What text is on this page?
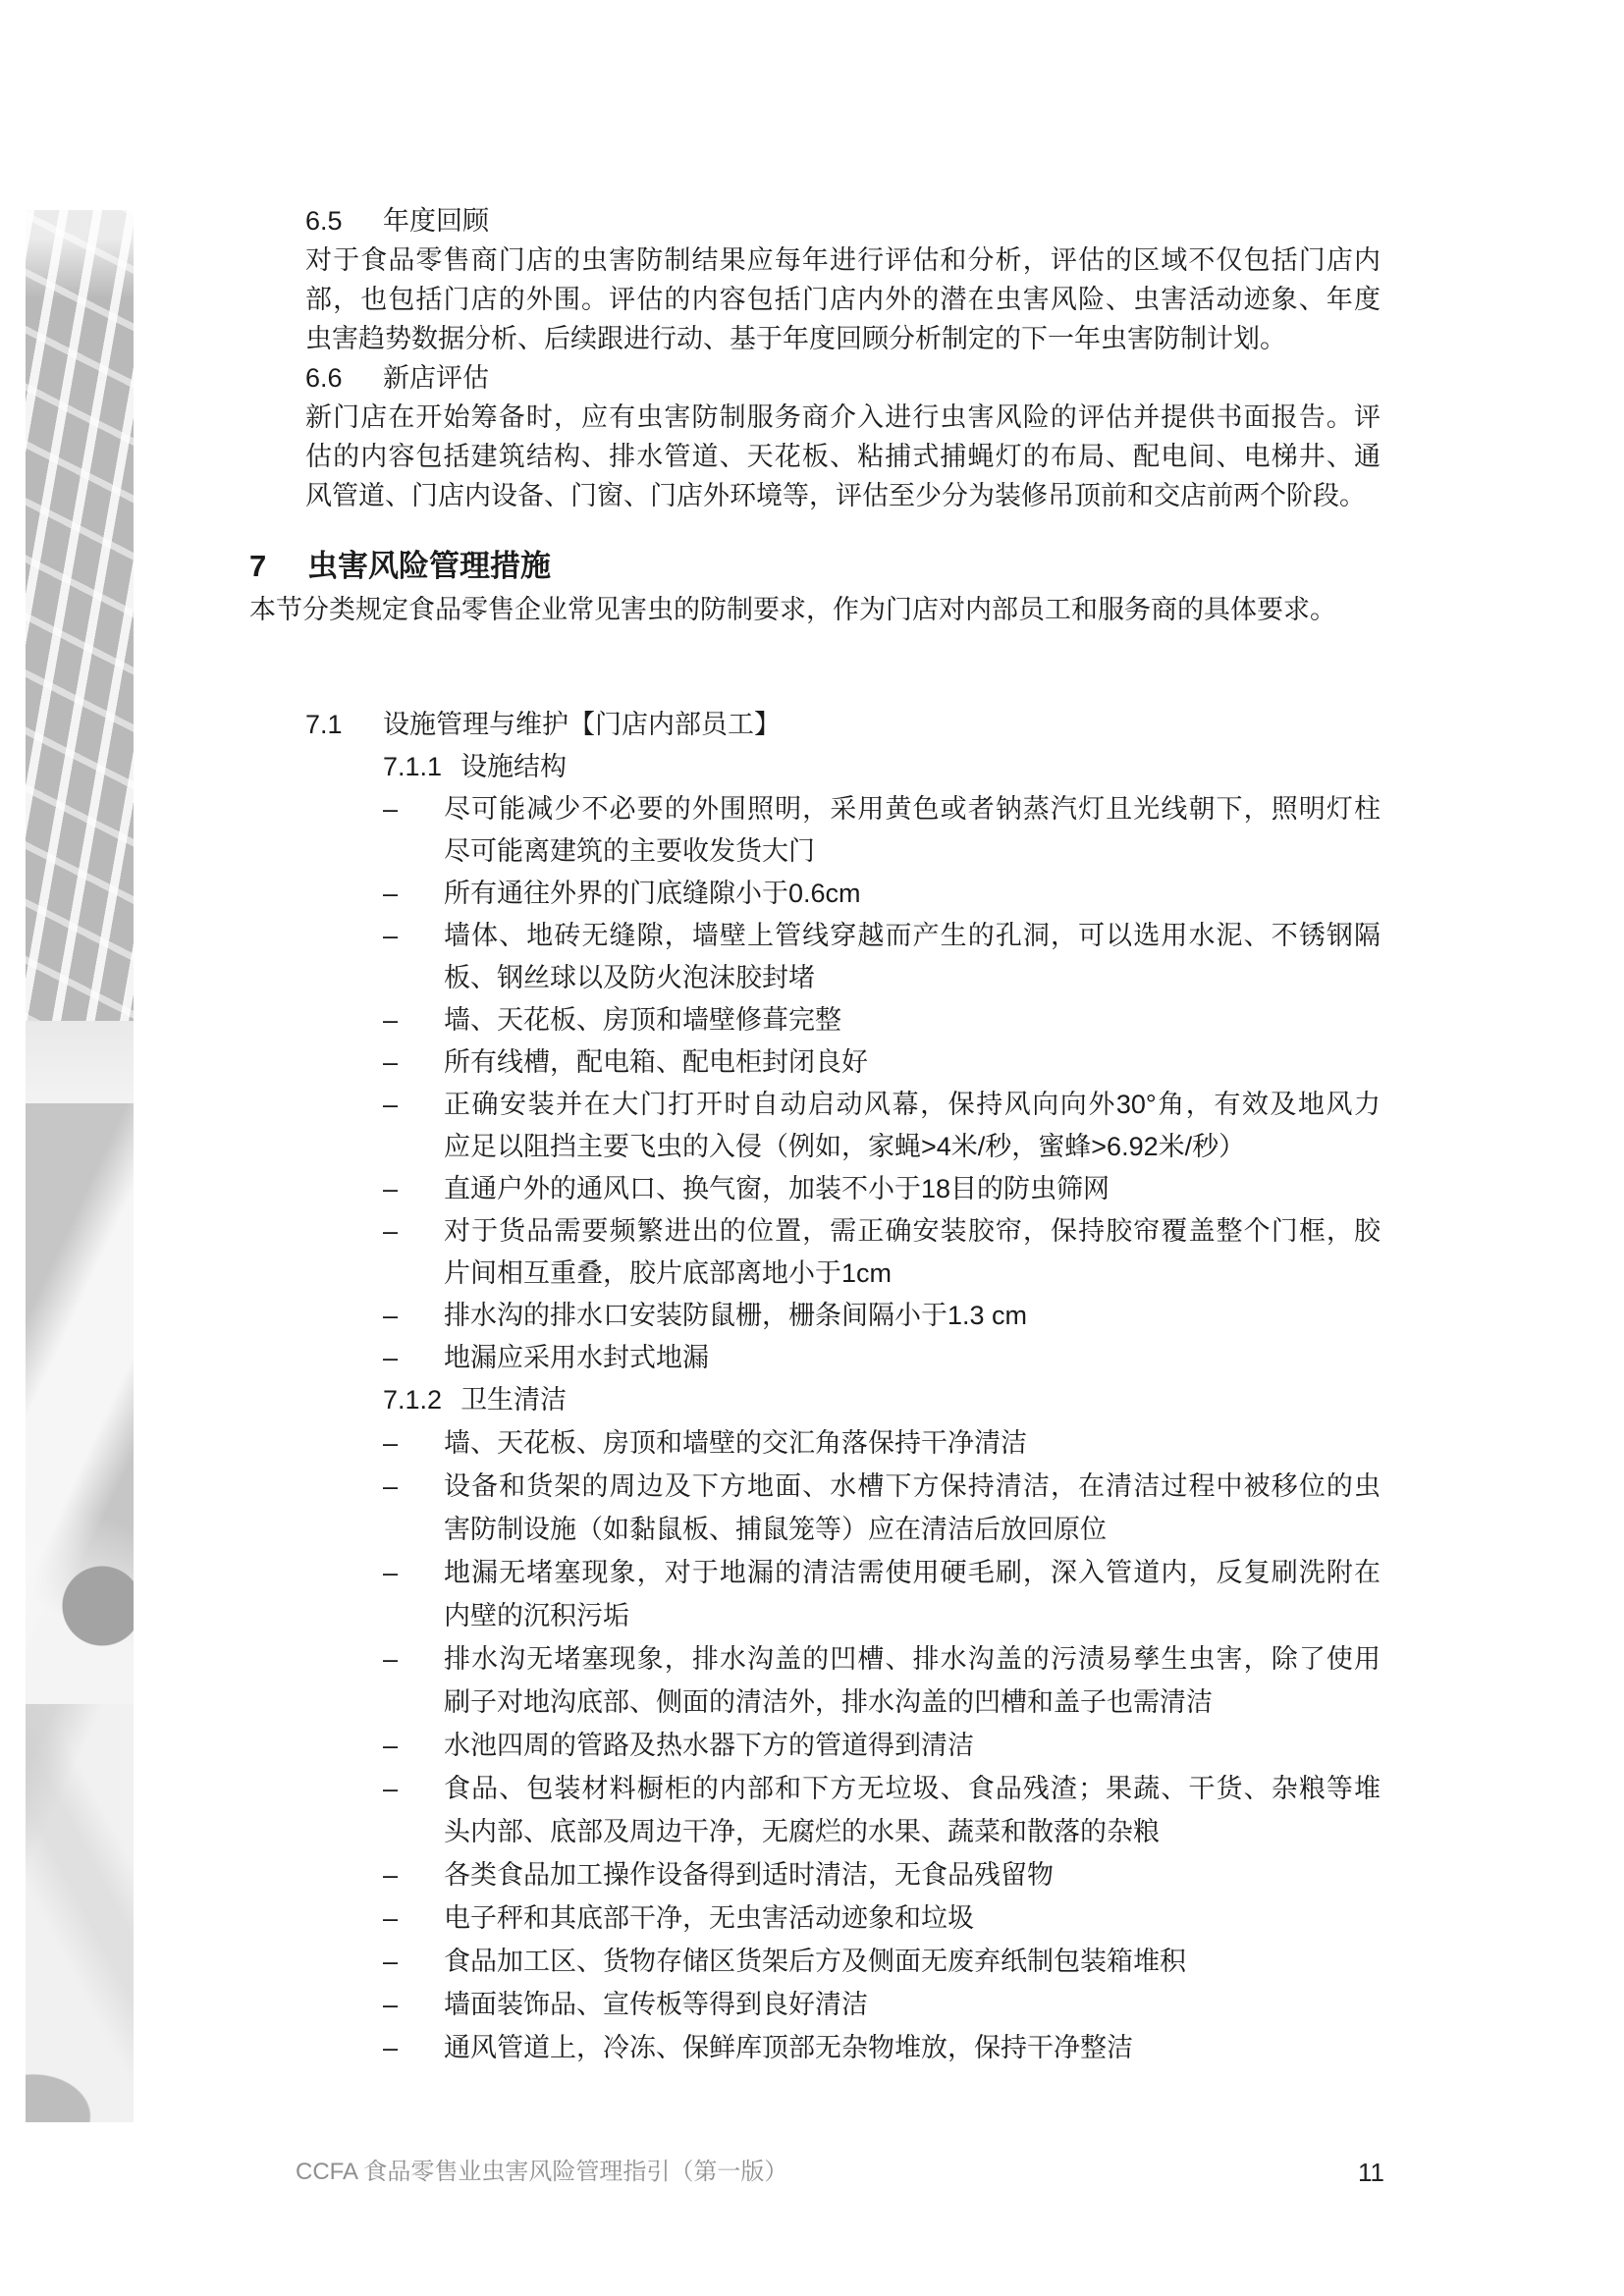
6.5	年度回顾
对于食品零售商门店的虫害防制结果应每年进行评估和分析，评估的区域不仅包括门店内
部，也包括门店的外围。评估的内容包括门店内外的潜在虫害风险、虫害活动迹象、年度
虫害趋势数据分析、后续跟进行动、基于年度回顾分析制定的下一年虫害防制计划。
6.6	新店评估
新门店在开始筹备时，应有虫害防制服务商介入进行虫害风险的评估并提供书面报告。评
估的内容包括建筑结构、排水管道、天花板、粘捕式捕蝇灯的布局、配电间、电梯井、通
风管道、门店内设备、门窗、门店外环境等，评估至少分为装修吊顶前和交店前两个阶段。
7	虫害风险管理措施
本节分类规定食品零售企业常见害虫的防制要求，作为门店对内部员工和服务商的具体要求。
7.1	设施管理与维护【门店内部员工】
7.1.1 设施结构
–	尽可能减少不必要的外围照明，采用黄色或者钠蒸汽灯且光线朝下，照明灯柱
尽可能离建筑的主要收发货大门
–	所有通往外界的门底缝隙小于0.6cm
–	墙体、地砖无缝隙，墙壁上管线穿越而产生的孔洞，可以选用水泥、不锈钢隔
板、钢丝球以及防火泡沫胶封堵
–	墙、天花板、房顶和墙壁修葺完整
–	所有线槽，配电箱、配电柜封闭良好
–	正确安装并在大门打开时自动启动风幕，保持风向向外30°角，有效及地风力
应足以阻挡主要飞虫的入侵（例如，家蝇>4米/秒，蜜蜂>6.92米/秒）
–	直通户外的通风口、换气窗，加装不小于18目的防虫筛网
–	对于货品需要频繁进出的位置，需正确安装胶帘，保持胶帘覆盖整个门框，胶
片间相互重叠，胶片底部离地小于1cm
–	排水沟的排水口安装防鼠栅，栅条间隔小于1.3 cm
–	地漏应采用水封式地漏
7.1.2 卫生清洁
–	墙、天花板、房顶和墙壁的交汇角落保持干净清洁
–	设备和货架的周边及下方地面、水槽下方保持清洁，在清洁过程中被移位的虫
害防制设施（如黏鼠板、捕鼠笼等）应在清洁后放回原位
–	地漏无堵塞现象，对于地漏的清洁需使用硬毛刷，深入管道内，反复刷洗附在
内壁的沉积污垢
–	排水沟无堵塞现象，排水沟盖的凹槽、排水沟盖的污渍易孳生虫害，除了使用
刷子对地沟底部、侧面的清洁外，排水沟盖的凹槽和盖子也需清洁
–	水池四周的管路及热水器下方的管道得到清洁
–	食品、包装材料橱柜的内部和下方无垃圾、食品残渣；果蔬、干货、杂粮等堆
头内部、底部及周边干净，无腐烂的水果、蔬菜和散落的杂粮
–	各类食品加工操作设备得到适时清洁，无食品残留物
–	电子秤和其底部干净，无虫害活动迹象和垃圾
–	食品加工区、货物存储区货架后方及侧面无废弃纸制包装箱堆积
–	墙面装饰品、宣传板等得到良好清洁
–	通风管道上，冷冻、保鲜库顶部无杂物堆放，保持干净整洁
CCFA 食品零售业虫害风险管理指引（第一版）	11
